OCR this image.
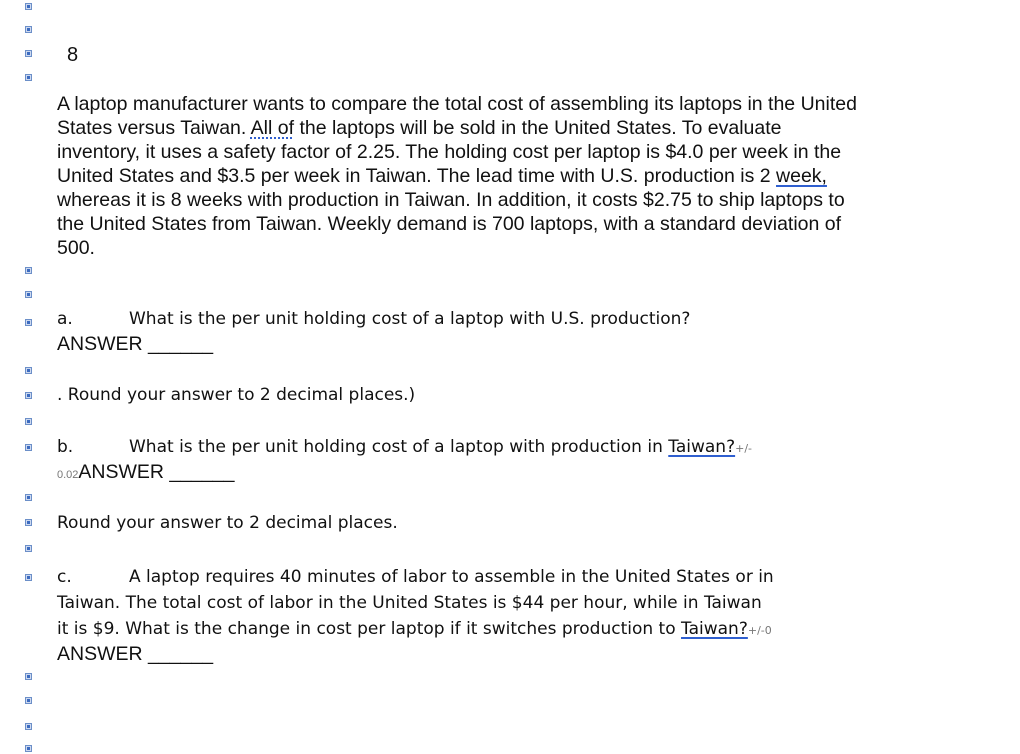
8
A laptop manufacturer wants to compare the total cost of assembling its laptops in the United States versus Taiwan. All of the laptops will be sold in the United States. To evaluate inventory, it uses a safety factor of 2.25. The holding cost per laptop is $4.0 per week in the United States and $3.5 per week in Taiwan. The lead time with U.S. production is 2 week, whereas it is 8 weeks with production in Taiwan. In addition, it costs $2.75 to ship laptops to the United States from Taiwan. Weekly demand is 700 laptops, with a standard deviation of 500.
a.	What is the per unit holding cost of a laptop with U.S. production?
ANSWER ______
. Round your answer to 2 decimal places.)
b.	What is the per unit holding cost of a laptop with production in Taiwan?+/-
0.02ANSWER ______
Round your answer to 2 decimal places.
c.	A laptop requires 40 minutes of labor to assemble in the United States or in
Taiwan. The total cost of labor in the United States is $44 per hour, while in Taiwan
it is $9. What is the change in cost per laptop if it switches production to Taiwan?+/-0
ANSWER ______
